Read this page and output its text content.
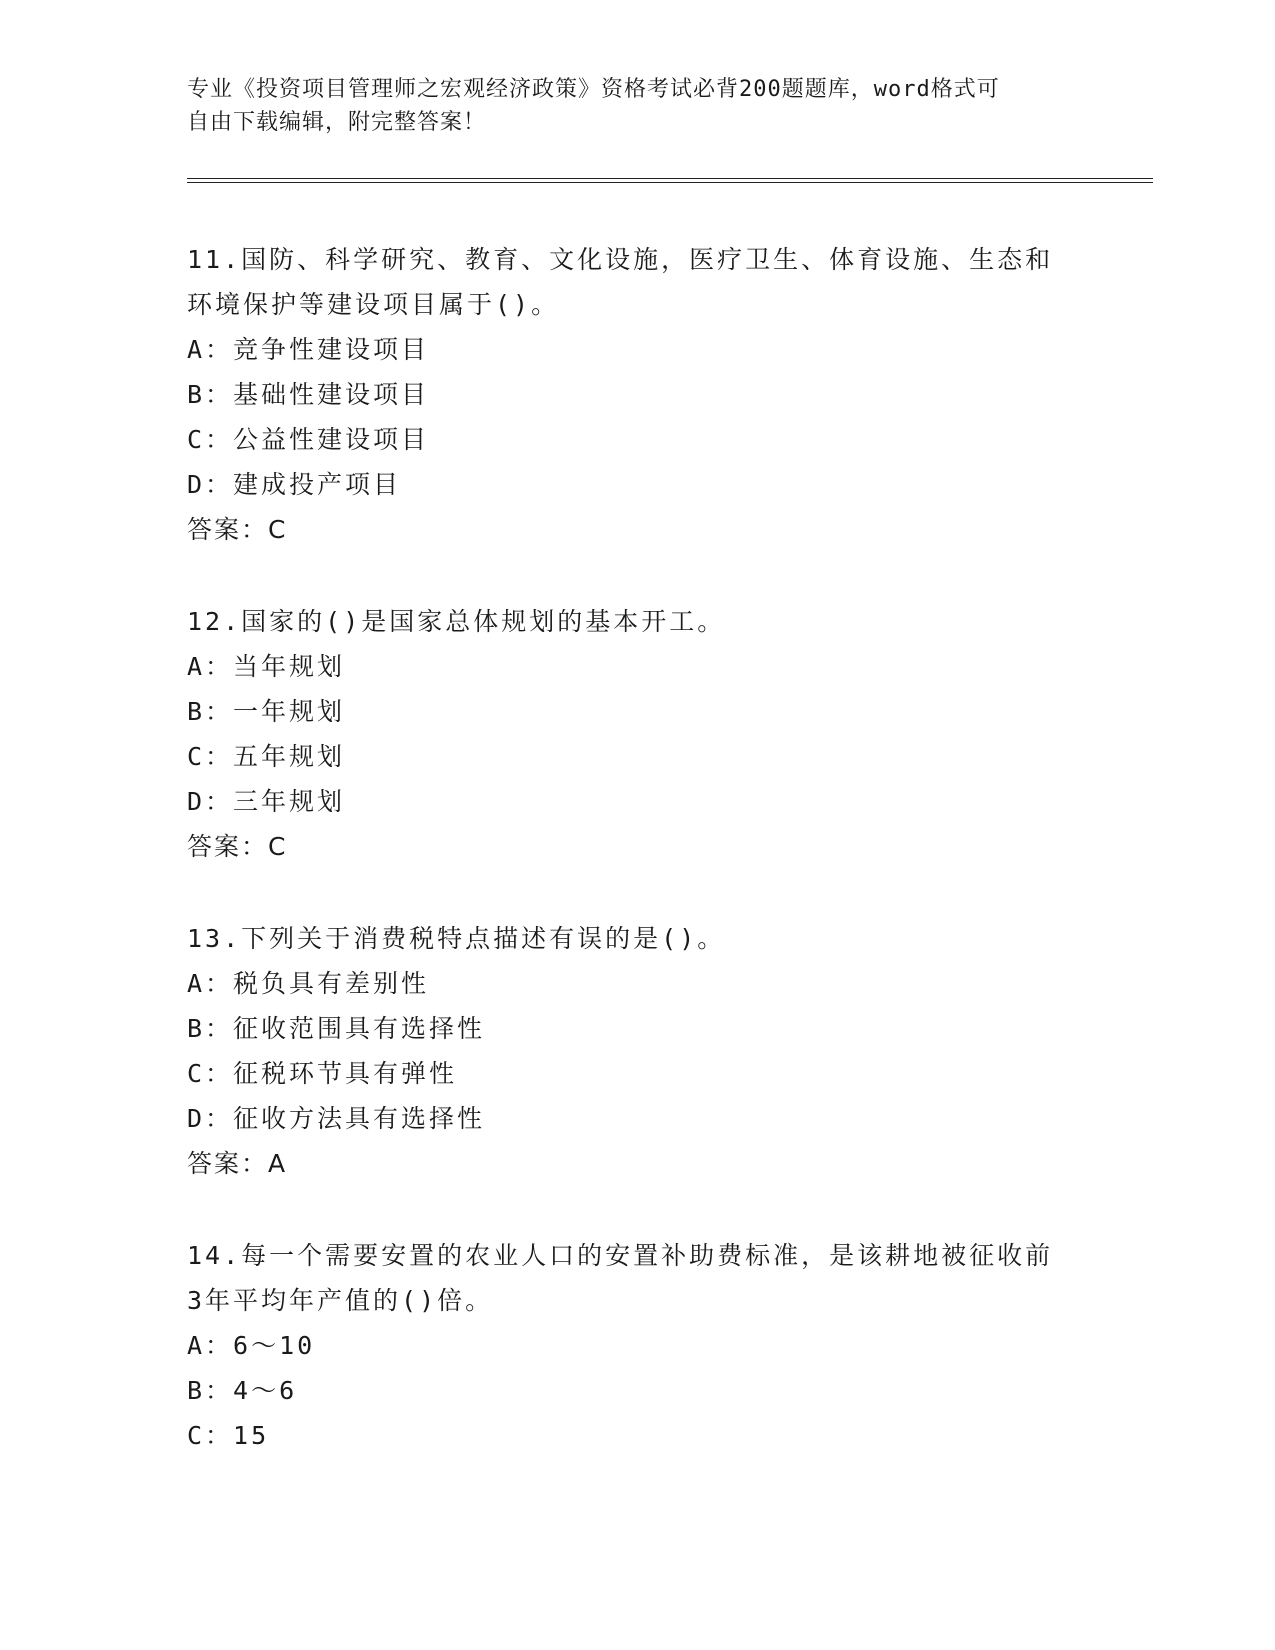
专业《投资项目管理师之宏观经济政策》资格考试必背200题题库，word格式可
自由下载编辑，附完整答案！
11.国防、科学研究、教育、文化设施，医疗卫生、体育设施、生态和
环境保护等建设项目属于()。
A：竞争性建设项目
B：基础性建设项目
C：公益性建设项目
D：建成投产项目
答案：C
12.国家的()是国家总体规划的基本开工。
A：当年规划
B：一年规划
C：五年规划
D：三年规划
答案：C
13.下列关于消费税特点描述有误的是()。
A：税负具有差别性
B：征收范围具有选择性
C：征税环节具有弹性
D：征收方法具有选择性
答案：A
14.每一个需要安置的农业人口的安置补助费标准，是该耕地被征收前
3年平均年产值的()倍。
A：6～10
B：4～6
C：15
